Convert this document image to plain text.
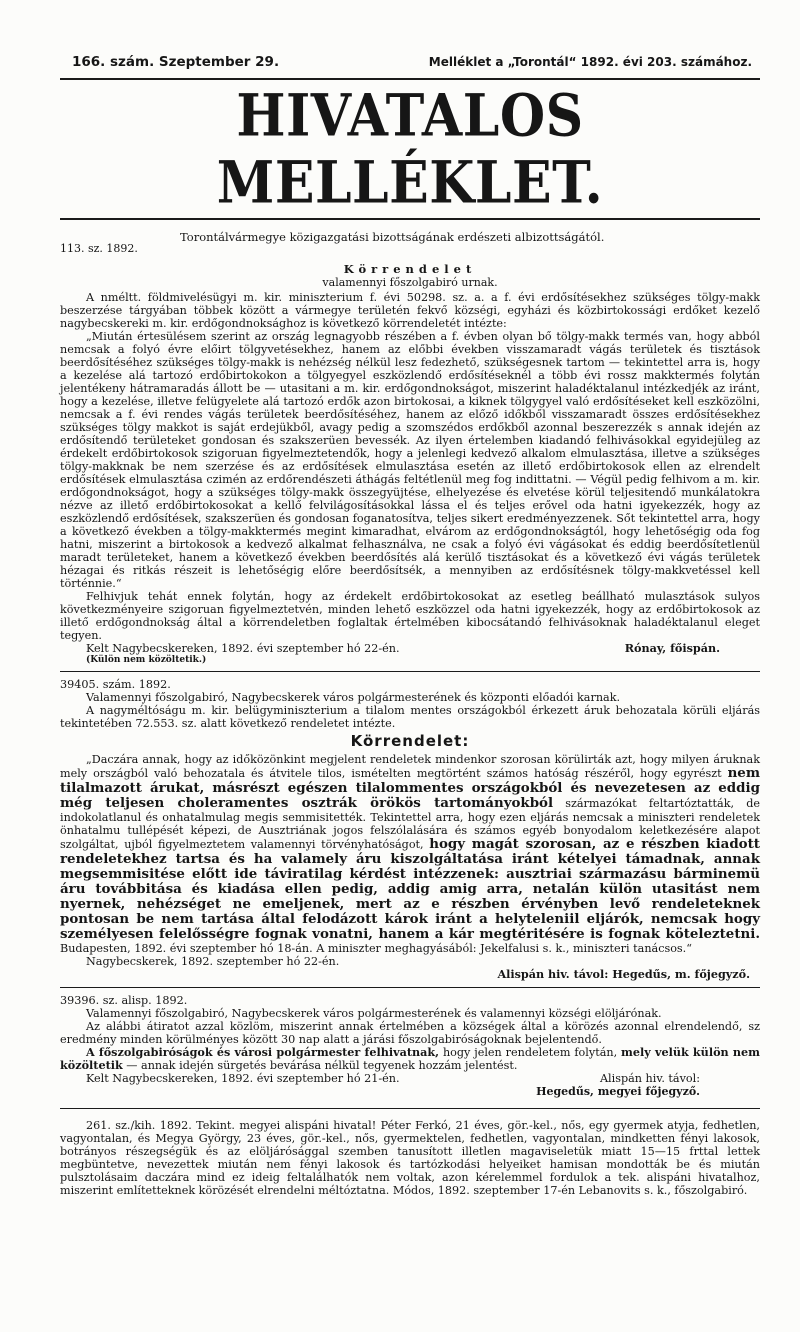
166. szám. Szeptember 29.	Melléklet a „Torontál“ 1892. évi 203. számához.
HIVATALOS MELLÉKLET.
113. sz. 1892.
Torontálvármegye közigazgatási bizottságának erdészeti albizottságától.
Körrendelet
valamennyi főszolgabiró urnak.

A nméltt. földmivelésügyi m. kir. miniszterium f. évi 50298. sz. a. a f. évi erdősítésekhez szükséges tölgy-makk beszerzése tárgyában többek között a vármegye területén fekvő községi, egyházi és közbirtokossági erdőket kezelő nagybecskereki m. kir. erdőgondnoksághoz is következő körrendeletét intézte:

„Miután értesülésem szerint az ország legnagyobb részében a f. évben olyan bő tölgy-makk termés van, hogy abból nemcsak a folyó évre előirt tölgyvetésekhez, hanem az előbbi években visszamaradt vágás területek és tisztások beerdősítéséhez szükséges tölgy-makk is nehézség nélkül lesz fedezhető, szükségesnek tartom — tekintettel arra is, hogy a kezelése alá tartozó erdőbirtokokon a tölgyegyel eszközlendő erdősítéseknél a több évi rossz makktermés folytán jelentékeny hátramaradás állott be — utasitani a m. kir. erdőgondnokságot, miszerint haladéktalanul intézkedjék az iránt, hogy a kezelése, illetve felügyelete alá tartozó erdők azon birtokosai, a kiknek tölgygyel való erdősítéseket kell eszközölni, nemcsak a f. évi rendes vágás területek beerdősítéséhez, hanem az előző időkből visszamaradt összes erdősítésekhez szükséges tölgy makkot is saját erdejükből, avagy pedig a szomszédos erdőkből azonnal beszerezzék s annak idején az erdősítendő területeket gondosan és szakszerüen bevessék. Az ilyen értelemben kiadandó felhivásokkal egyidejüleg az érdekelt erdőbirtokosok szigoruan figyelmeztetendők, hogy a jelenlegi kedvező alkalom elmulasztása, illetve a szükséges tölgy-makknak be nem szerzése és az erdősítések elmulasztása esetén az illető erdőbirtokosok ellen az elrendelt erdősítések elmulasztása czimén az erdőrendészeti áthágás feltétlenül meg fog indittatni. — Végül pedig felhivom a m. kir. erdőgondnokságot, hogy a szükséges tölgy-makk összegyüjtése, elhelyezése és elvetése körül teljesitendő munkálatokra nézve az illető erdőbirtokosokat a kellő felvilágosításokkal lássa el és teljes erővel oda hatni igyekezzék, hogy az eszközlendő erdősítések, szakszerüen és gondosan foganatosítva, teljes sikert eredményezzenek. Sőt tekintettel arra, hogy a következő években a tölgy-makktermés megint kimaradhat, elvárom az erdőgondnokságtól, hogy lehetőségig oda fog hatni, miszerint a birtokosok a kedvező alkalmat felhasználva, ne csak a folyó évi vágásokat és eddig beerdősítetlenül maradt területeket, hanem a következő években beerdősítés alá kerülő tisztásokat és a következő évi vágás területek hézagai és ritkás részeit is lehetőségig előre beerdősítsék, a mennyiben az erdősítésnek tölgy-makkvetéssel kell történnie.“

Felhivjuk tehát ennek folytán, hogy az érdekelt erdőbirtokosokat az esetleg beállható mulasztások sulyos következményeire szigoruan figyelmeztetvén, minden lehető eszközzel oda hatni igyekezzék, hogy az erdőbirtokosok az illető erdőgondnokság által a körrendeletben foglaltak értelmében kibocsátandó felhivásoknak haladéktalanul eleget tegyen.

Kelt Nagybecskereken, 1892. évi szeptember hó 22-én.	Rónay, főispán.
(Külön nem közöltetik.)
39405. szám. 1892.

Valamennyi főszolgabiró, Nagybecskerek város polgármesterének és központi előadói karnak.

A nagyméltóságu m. kir. belügyminiszterium a tilalom mentes országokból érkezett áruk behozatala körüli eljárás tekintetében 72.553. sz. alatt következő rendeletet intézte.

Körrendelet:

„Daczára annak, hogy az időközönkint megjelent rendeletek mindenkor szorosan körülirták azt, hogy milyen áruknak mely országból való behozatala és átvitele tilos, ismételten megtörtént számos hatóság részéről, hogy egyrészt nem tilalmazott árukat, másrészt egészen tilalommentes országokból és nevezetesen az eddig még teljesen choleramentes osztrák örökös tartományokból származókat feltartóztatták, de indokolatlanul és onhatalmulag megis semmisitették. Tekintettel arra, hogy ezen eljárás nemcsak a miniszteri rendeletek önhatalmu tullépését képezi, de Ausztriának jogos felszólalására és számos egyéb bonyodalom keletkezésére alapot szolgáltat, ujból figyelmeztetem valamennyi törvényhatóságot, hogy magát szorosan, az e részben kiadott rendeletekhez tartsa és ha valamely áru kiszolgáltatása iránt kételyei támadnak, annak megsemmisitése előtt ide táviratilag kérdést intézzenek: ausztriai származásu bárminemü áru továbbitása és kiadása ellen pedig, addig amig arra, netalán külön utasitást nem nyernek, nehézséget ne emeljenek, mert az e részben érvényben levő rendeleteknek pontosan be nem tartása által felodázott károk iránt a helyteleniil eljárók, nemcsak hogy személyesen felelősségre fognak vonatni, hanem a kár megtéritésére is fognak köteleztetni. Budapesten, 1892. évi szeptember hó 18-án. A miniszter meghagyásából: Jekelfalusi s. k., miniszteri tanácsos.“

Nagybecskerek, 1892. szeptember hó 22-én.
Alispán hiv. távol: Hegedűs, m. főjegyző.
39396. sz. alisp. 1892.

Valamennyi főszolgabiró, Nagybecskerek város polgármesterének és valamennyi községi elöljárónak.

Az alábbi átiratot azzal közlöm, miszerint annak értelmében a községek által a körözés azonnal elrendelendő, sz eredmény minden körülményes között 30 nap alatt a járási főszolgabiróságoknak bejelentendő.

A főszolgabiróságok és városi polgármester felhivatnak, hogy jelen rendeletem folytán, mely velük külön nem közöltetik — annak idején sürgetés bevárása nélkül tegyenek hozzám jelentést.

Kelt Nagybecskereken, 1892. évi szeptember hó 21-én.	Alispán hiv. távol:
Hegedűs, megyei főjegyző.

261. sz./kih. 1892. Tekint. megyei alispáni hivatal! Péter Ferkó, 21 éves, gör.-kel., nős, egy gyermek atyja, fedhetlen, vagyontalan, és Megya György, 23 éves, gör.-kel., nős, gyermektelen, fedhetlen, vagyontalan, mindketten fényi lakosok, botrányos részegségük és az elöljárósággal szemben tanusított illetlen magaviseletük miatt 15—15 frttal lettek megbüntetve, nevezettek miután nem fényi lakosok és tartózkodási helyeiket hamisan mondották be és miután pulsztolásaim daczára mind ez ideig feltalálhatók nem voltak, azon kérelemmel fordulok a tek. alispáni hivatalhoz, miszerint említetteknek körözését elrendelni méltóztatna. Módos, 1892. szeptember 17-én Lebanovits s. k., főszolgabiró.
